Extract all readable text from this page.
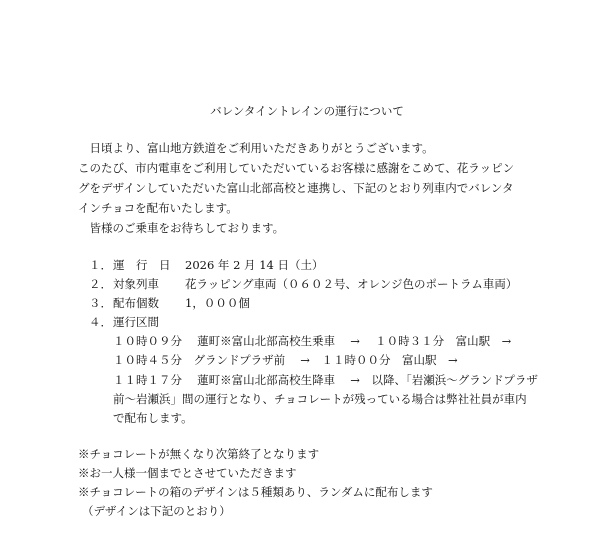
バレンタイントレインの運行について
　日頃より、富山地方鉄道をご利用いただきありがとうございます。
このたび、市内電車をご利用していただいているお客様に感謝をこめて、花ラッピン
グをデザインしていただいた富山北部高校と連携し、下記のとおり列車内でバレンタ
インチョコを配布いたします。
　皆様のご乗車をお待ちしております。
１． 運　行　日 2026 年 2 月 14 日（土）
２． 対象列車 花ラッピング車両（０６０２号、オレンジ色のポートラム車両）
３． 配布個数 1，０００個
４． 運行区間
１０時０９分　 蓮町※富山北部高校生乗車　 →　 １０時３１分　富山駅　→
１０時４５分　グランドプラザ前　 →　１１時００分　富山駅　→
１１時１７分　 蓮町※富山北部高校生降車　 →　以降、「岩瀬浜～グランドプラザ
前～岩瀬浜」間の運行となり、チョコレートが残っている場合は弊社社員が車内
で配布します。
※チョコレートが無くなり次第終了となります
※お一人様一個までとさせていただきます
※チョコレートの箱のデザインは５種類あり、ランダムに配布します
（デザインは下記のとおり）
